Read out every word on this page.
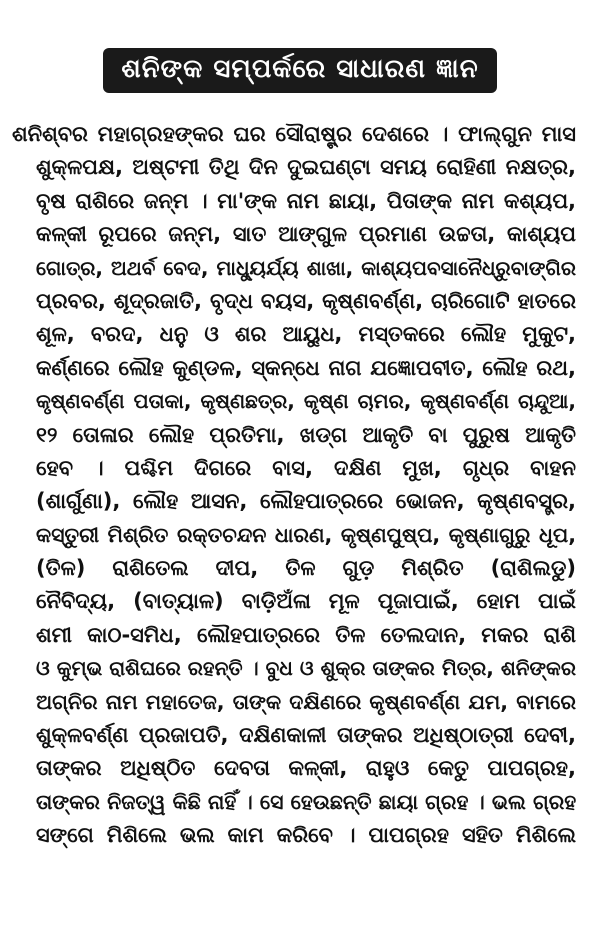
ଶନିଙ୍କ ସମ୍ପର୍କରେ ସାଧାରଣ ଜ୍ଞାନ
ଶନିଶ୍ବର ମହାଗ୍ରହଙ୍କର ଘର ସୌରାଷ୍ଟ୍ର ଦେଶରେ । ଫାଲ୍‌ଗୁନ ମାସ
ଶୁକ୍ଳପକ୍ଷ, ଅଷ୍ଟମୀ ତିଥି ଦିନ ଦୁଇଘଣ୍ଟା ସମୟ ରୋହିଣୀ ନକ୍ଷତ୍ର,
ବୃଷ ରାଶିରେ ଜନ୍ମ । ମା'ଙ୍କ ନାମ ଛାୟା, ପିତାଙ୍କ ନାମ କଶ୍ୟପ,
କଳ୍‌କୀ ରୂପରେ ଜନ୍ମ, ସାତ ଆଙ୍ଗୁଳ ପ୍ରମାଣ ଉଚ୍ଚତା, କାଶ୍ୟପ
ଗୋତ୍ର, ଅଥର୍ବ ବେଦ, ମାଧ୍ୟୁର୍ଯ୍ୟ ଶାଖା, କାଶ୍ୟପବସାନୈଧ୍ରୁବାଙ୍ଗିର
ପ୍ରବର, ଶୂଦ୍ରଜାତି, ବୃଦ୍ଧ ବୟସ, କୃଷ୍ଣବର୍ଣ୍ଣ, ଚାରିଗୋଟି ହାତରେ
ଶୂଳ, ବରଦ, ଧନୁ ଓ ଶର ଆୟୁଧ, ମସ୍ତକରେ ଲୌହ ମୁକୁଟ,
କର୍ଣ୍ଣରେ ଲୌହ କୁଣ୍ଡଳ, ସ୍କନ୍ଧେ ନାଗ ଯଜ୍ଞୋପବୀତ, ଲୌହ ରଥ,
କୃଷ୍ଣବର୍ଣ୍ଣ ପତାକା, କୃଷ୍ଣଛତ୍ର, କୃଷ୍ଣ ଚାମର, କୃଷ୍ଣବର୍ଣ୍ଣ ଚାନ୍ଦୁଆ,
୧୨ ତୋଳାର ଲୌହ ପ୍ରତିମା, ଖଡ୍‌ଗ ଆକୃତି ବା ପୁରୁଷ ଆକୃତି
ହେବ । ପଶ୍ଚିମ ଦିଗରେ ବାସ, ଦକ୍ଷିଣ ମୁଖ, ଗୃଧ୍ର ବାହନ
(ଶାର୍ଗୁଣା), ଲୌହ ଆସନ, ଲୌହପାତ୍ରରେ ଭୋଜନ, କୃଷ୍ଣବସ୍ତ୍ର,
କସ୍ତୁରୀ ମିଶ୍ରିତ ରକ୍ତଚନ୍ଦନ ଧାରଣ, କୃଷ୍ଣପୁଷ୍ପ, କୃଷ୍ଣାଗୁରୁ ଧୂପ,
(ତିଳ) ରାଶିତେଲ ଦୀପ, ତିଳ ଗୁଡ଼ ମିଶ୍ରିତ (ରାଶିଲଡୁ)
ନୈବିଦ୍ୟ, (ବାତ୍ୟାଳ) ବାଡ଼ିଅଁଳା ମୂଳ ପୂଜାପାଇଁ, ହୋମ ପାଇଁ
ଶମୀ କାଠ-ସମିଧ, ଲୌହପାତ୍ରରେ ତିଳ ତେଲଦାନ, ମକର ରାଶି
ଓ କୁମ୍ଭ ରାଶିଘରେ ରହନ୍ତି । ବୁଧ ଓ ଶୁକ୍ର ତାଙ୍କର ମିତ୍ର, ଶନିଙ୍କର
ଅଗ୍ନିର ନାମ ମହାତେଜ, ତାଙ୍କ ଦକ୍ଷିଣରେ କୃଷ୍ଣବର୍ଣ୍ଣ ଯମ, ବାମରେ
ଶୁକ୍ଳବର୍ଣ୍ଣ ପ୍ରଜାପତି, ଦକ୍ଷିଣକାଳୀ ତାଙ୍କର ଅଧିଷ୍ଠାତ୍ରୀ ଦେବୀ,
ତାଙ୍କର ଅଧିଷ୍ଠିତ ଦେବତା କଳ୍‌କୀ, ରାହୁଓ କେତୁ ପାପଗ୍ରହ,
ତାଙ୍କର ନିଜତ୍ୱ କିଛି ନାହିଁ । ସେ ହେଉଛନ୍ତି ଛାୟା ଗ୍ରହ । ଭଲ ଗ୍ରହ
ସଙ୍ଗେ ମିଶିଲେ ଭଲ କାମ କରିବେ । ପାପଗ୍ରହ ସହିତ ମିଶିଲେ
